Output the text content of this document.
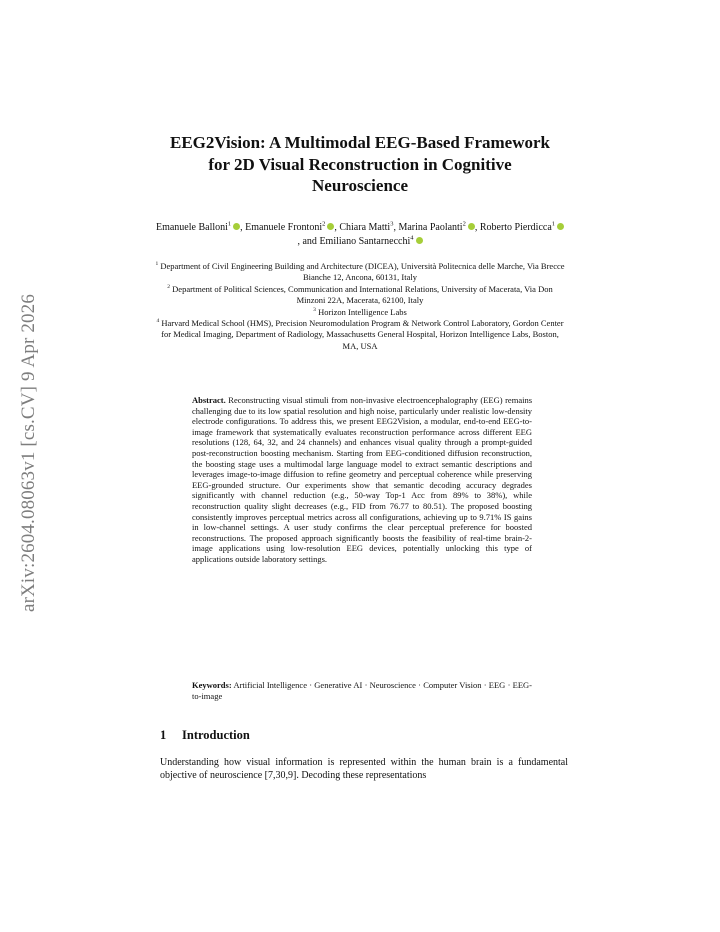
arXiv:2604.08063v1 [cs.CV] 9 Apr 2026
EEG2Vision: A Multimodal EEG-Based Framework for 2D Visual Reconstruction in Cognitive Neuroscience
Emanuele Balloni$^1$ , Emanuele Frontoni$^2$ , Chiara Matti$^3$, Marina Paolanti$^2$ , Roberto Pierdicca$^1$, and Emiliano Santarnecchi$^4$
$^1$ Department of Civil Engineering Building and Architecture (DICEA), Università Politecnica delle Marche, Via Brecce Bianche 12, Ancona, 60131, Italy
$^2$ Department of Political Sciences, Communication and International Relations, University of Macerata, Via Don Minzoni 22A, Macerata, 62100, Italy
$^3$ Horizon Intelligence Labs
$^4$ Harvard Medical School (HMS), Precision Neuromodulation Program & Network Control Laboratory, Gordon Center for Medical Imaging, Department of Radiology, Massachusetts General Hospital, Horizon Intelligence Labs, Boston, MA, USA
Abstract. Reconstructing visual stimuli from non-invasive electroencephalography (EEG) remains challenging due to its low spatial resolution and high noise, particularly under realistic low-density electrode configurations. To address this, we present EEG2Vision, a modular, end-to-end EEG-to-image framework that systematically evaluates reconstruction performance across different EEG resolutions (128, 64, 32, and 24 channels) and enhances visual quality through a prompt-guided post-reconstruction boosting mechanism. Starting from EEG-conditioned diffusion reconstruction, the boosting stage uses a multimodal large language model to extract semantic descriptions and leverages image-to-image diffusion to refine geometry and perceptual coherence while preserving EEG-grounded structure. Our experiments show that semantic decoding accuracy degrades significantly with channel reduction (e.g., 50-way Top-1 Acc from 89% to 38%), while reconstruction quality slight decreases (e.g., FID from 76.77 to 80.51). The proposed boosting consistently improves perceptual metrics across all configurations, achieving up to 9.71% IS gains in low-channel settings. A user study confirms the clear perceptual preference for boosted reconstructions. The proposed approach significantly boosts the feasibility of real-time brain-2-image applications using low-resolution EEG devices, potentially unlocking this type of applications outside laboratory settings.
Keywords: Artificial Intelligence · Generative AI · Neuroscience · Computer Vision · EEG · EEG-to-image
1 Introduction
Understanding how visual information is represented within the human brain is a fundamental objective of neuroscience [7,30,9]. Decoding these representations
